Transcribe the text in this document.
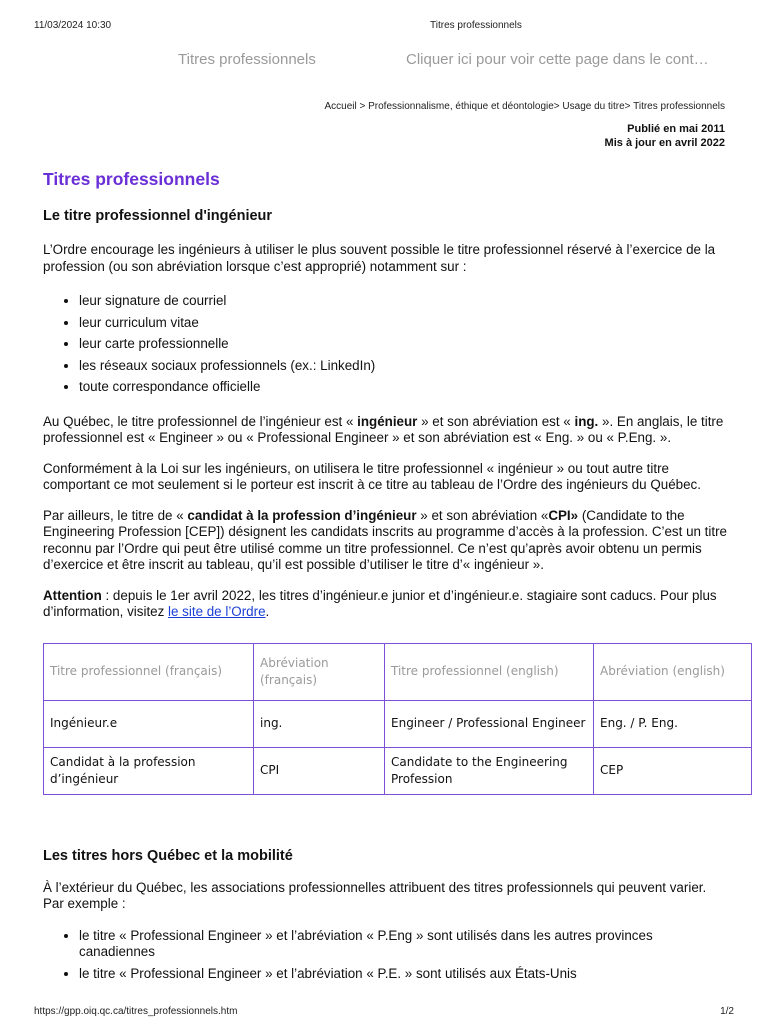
11/03/2024 10:30	Titres professionnels
Titres professionnels	Cliquer ici pour voir cette page dans le cont…
Accueil > Professionnalisme, éthique et déontologie> Usage du titre> Titres professionnels
Publié en mai 2011
Mis à jour en avril 2022
Titres professionnels
Le titre professionnel d'ingénieur

L’Ordre encourage les ingénieurs à utiliser le plus souvent possible le titre professionnel réservé à l’exercice de la profession (ou son abréviation lorsque c’est approprié) notamment sur :

• leur signature de courriel
• leur curriculum vitae
• leur carte professionnelle
• les réseaux sociaux professionnels (ex.: LinkedIn)
• toute correspondance officielle

Au Québec, le titre professionnel de l’ingénieur est « ingénieur » et son abréviation est « ing. ». En anglais, le titre professionnel est « Engineer » ou « Professional Engineer » et son abréviation est « Eng. » ou « P.Eng. ».

Conformément à la Loi sur les ingénieurs, on utilisera le titre professionnel « ingénieur » ou tout autre titre comportant ce mot seulement si le porteur est inscrit à ce titre au tableau de l’Ordre des ingénieurs du Québec.

Par ailleurs, le titre de « candidat à la profession d’ingénieur » et son abréviation «CPI» (Candidate to the Engineering Profession [CEP]) désignent les candidats inscrits au programme d’accès à la profession. C’est un titre reconnu par l’Ordre qui peut être utilisé comme un titre professionnel. Ce n’est qu’après avoir obtenu un permis d’exercice et être inscrit au tableau, qu’il est possible d’utiliser le titre d’« ingénieur ».

Attention : depuis le 1er avril 2022, les titres d’ingénieur.e junior et d’ingénieur.e. stagiaire sont caducs. Pour plus d’information, visitez le site de l’Ordre.

Titre professionnel (français)	Abréviation (français)	Titre professionnel (english)	Abréviation (english)
Ingénieur.e	ing.	Engineer / Professional Engineer	Eng. / P. Eng.
Candidat à la profession d’ingénieur	CPI	Candidate to the Engineering Profession	CEP
Les titres hors Québec et la mobilité

À l’extérieur du Québec, les associations professionnelles attribuent des titres professionnels qui peuvent varier. Par exemple :

• le titre « Professional Engineer » et l’abréviation « P.Eng » sont utilisés dans les autres provinces canadiennes
• le titre « Professional Engineer » et l’abréviation « P.E. » sont utilisés aux États-Unis
https://gpp.oiq.qc.ca/titres_professionnels.htm	1/2
